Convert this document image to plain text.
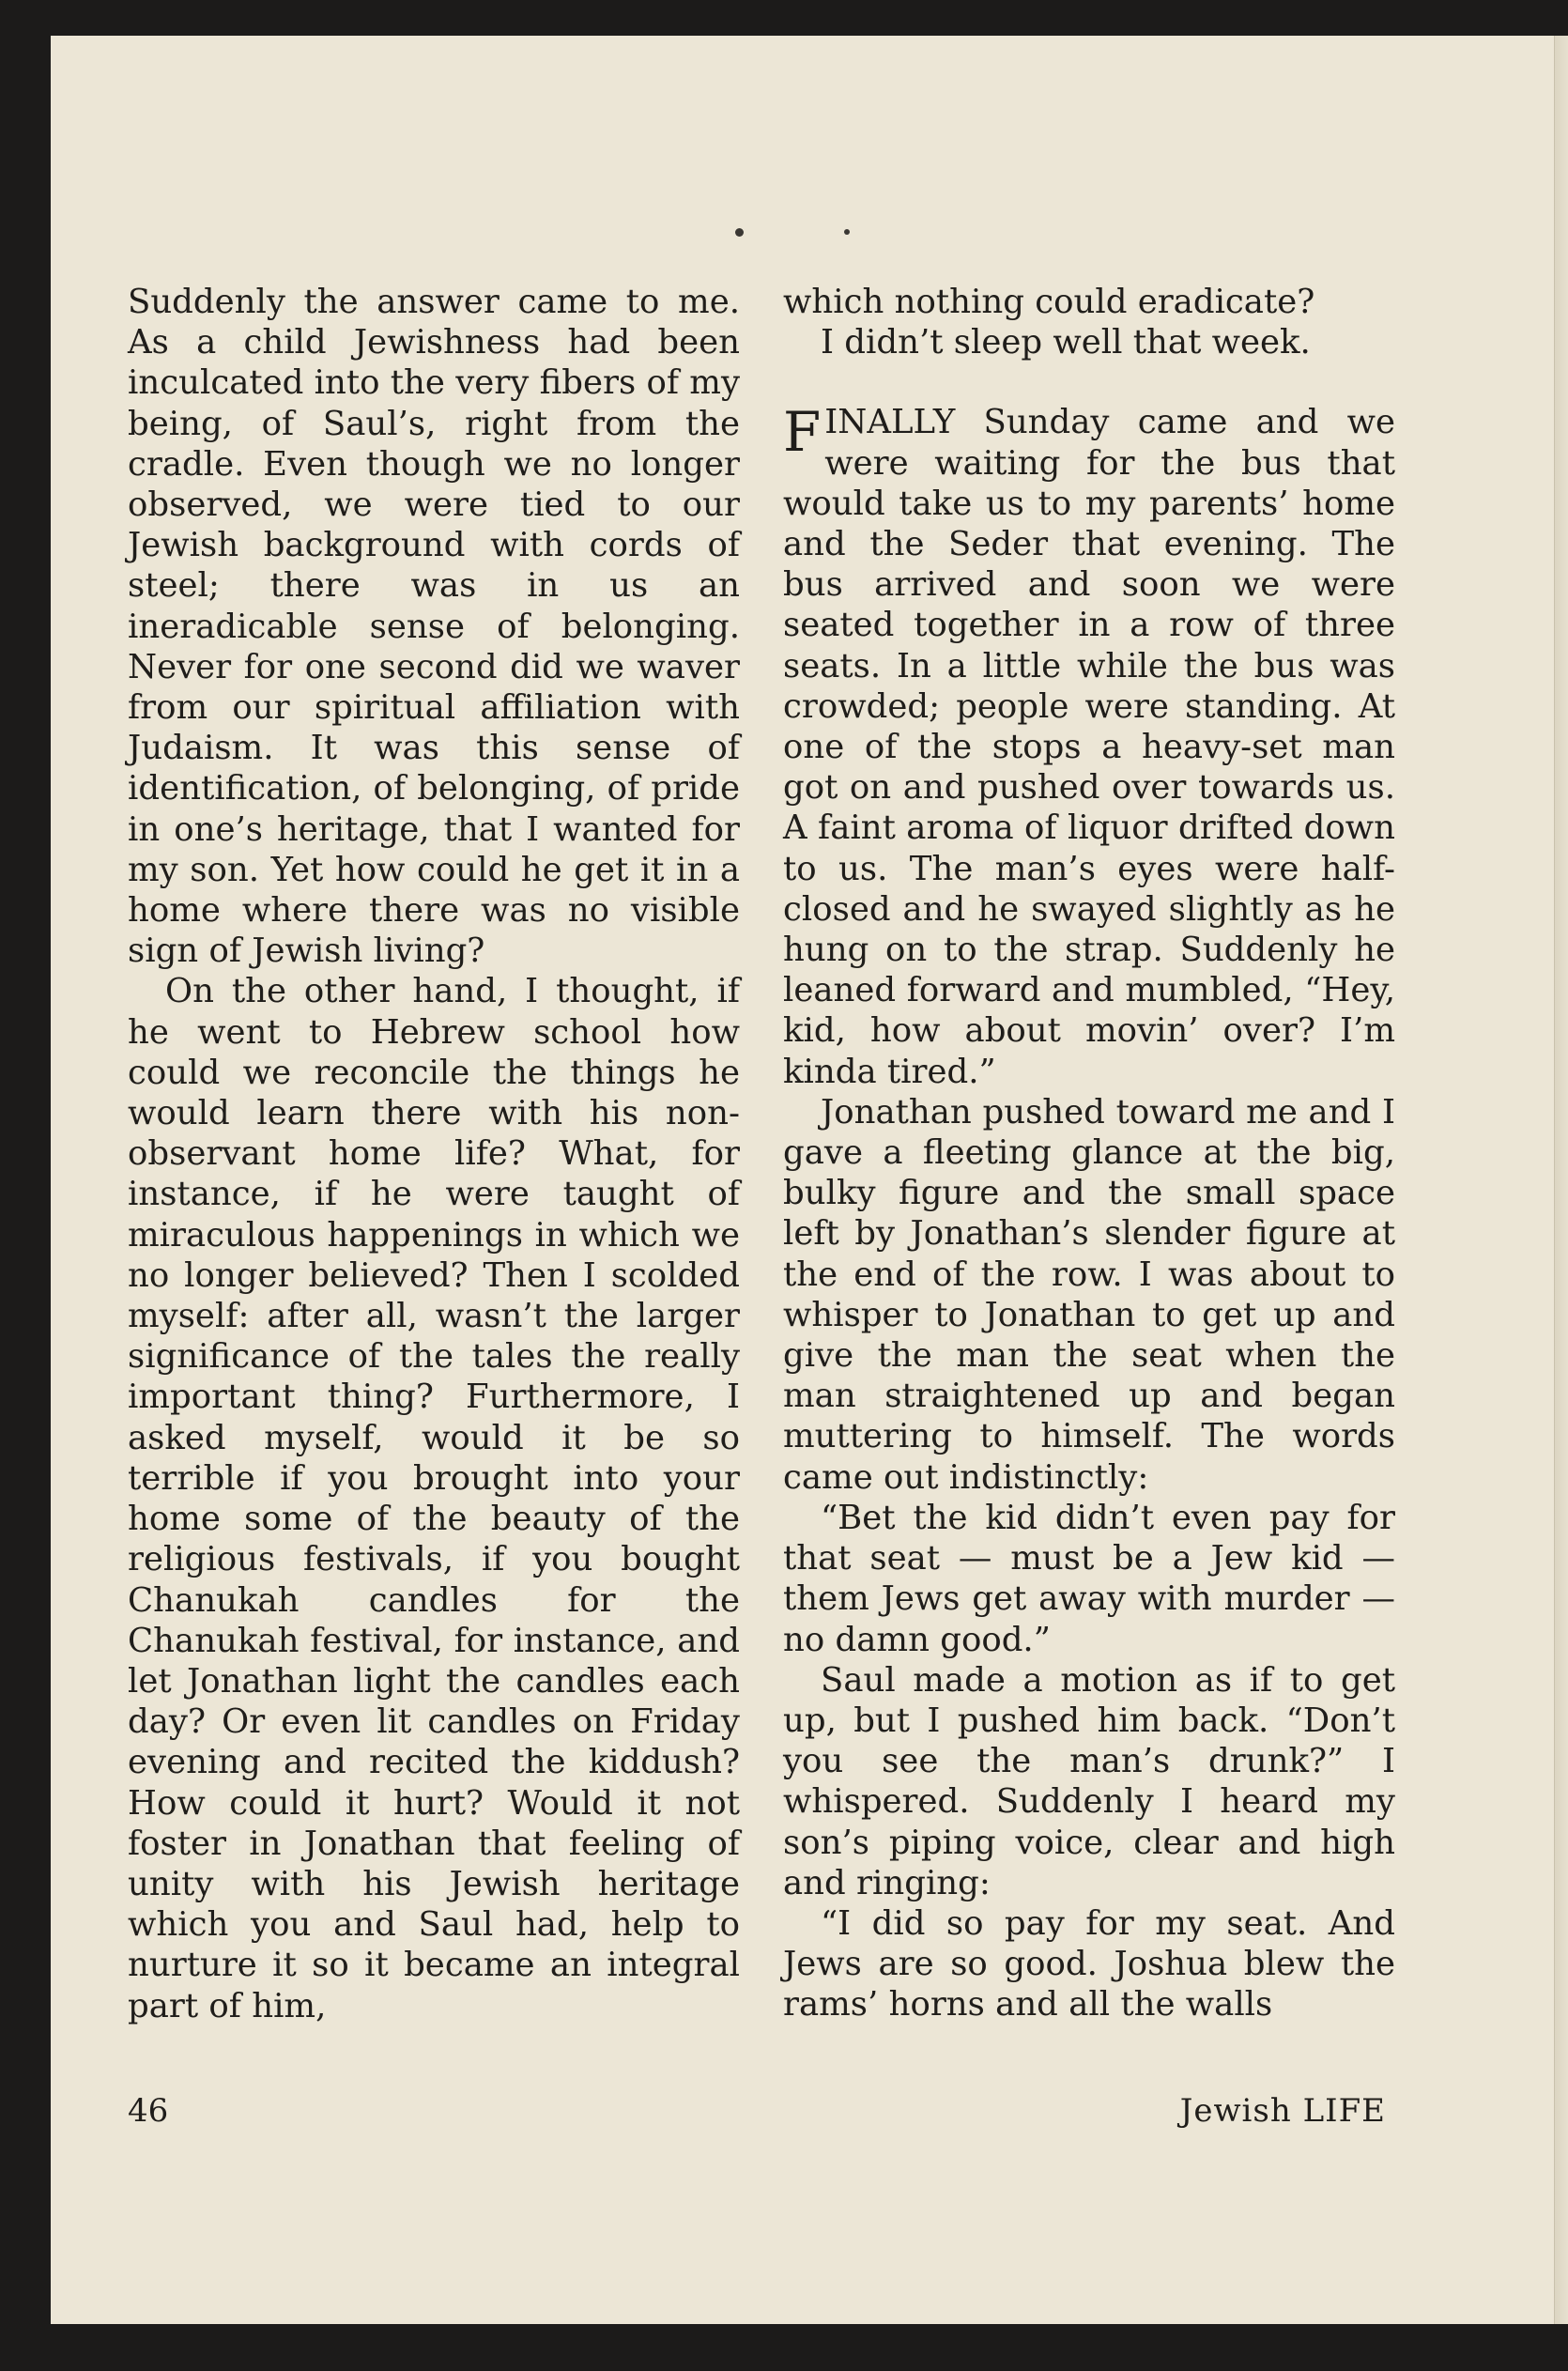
Suddenly the answer came to me. As a child Jewishness had been inculcated into the very fibers of my being, of Saul’s, right from the cradle. Even though we no longer observed, we were tied to our Jewish background with cords of steel; there was in us an ineradicable sense of belonging. Never for one second did we waver from our spiritual affiliation with Judaism. It was this sense of identification, of belonging, of pride in one’s heritage, that I wanted for my son. Yet how could he get it in a home where there was no visible sign of Jewish living?

On the other hand, I thought, if he went to Hebrew school how could we reconcile the things he would learn there with his non-observant home life? What, for instance, if he were taught of miraculous happenings in which we no longer believed? Then I scolded myself: after all, wasn’t the larger significance of the tales the really important thing? Furthermore, I asked myself, would it be so terrible if you brought into your home some of the beauty of the religious festivals, if you bought Chanukah candles for the Chanukah festival, for instance, and let Jonathan light the candles each day? Or even lit candles on Friday evening and recited the kiddush? How could it hurt? Would it not foster in Jonathan that feeling of unity with his Jewish heritage which you and Saul had, help to nurture it so it became an integral part of him,

which nothing could eradicate?

I didn’t sleep well that week.

FINALLY Sunday came and we were waiting for the bus that would take us to my parents’ home and the Seder that evening. The bus arrived and soon we were seated together in a row of three seats. In a little while the bus was crowded; people were standing. At one of the stops a heavy-set man got on and pushed over towards us. A faint aroma of liquor drifted down to us. The man’s eyes were half-closed and he swayed slightly as he hung on to the strap. Suddenly he leaned forward and mumbled, “Hey, kid, how about movin’ over? I’m kinda tired.”

Jonathan pushed toward me and I gave a fleeting glance at the big, bulky figure and the small space left by Jonathan’s slender figure at the end of the row. I was about to whisper to Jonathan to get up and give the man the seat when the man straightened up and began muttering to himself. The words came out indistinctly:

“Bet the kid didn’t even pay for that seat — must be a Jew kid — them Jews get away with murder — no damn good.”

Saul made a motion as if to get up, but I pushed him back. “Don’t you see the man’s drunk?” I whispered. Suddenly I heard my son’s piping voice, clear and high and ringing:

“I did so pay for my seat. And Jews are so good. Joshua blew the rams’ horns and all the walls

46	Jewish LIFE
